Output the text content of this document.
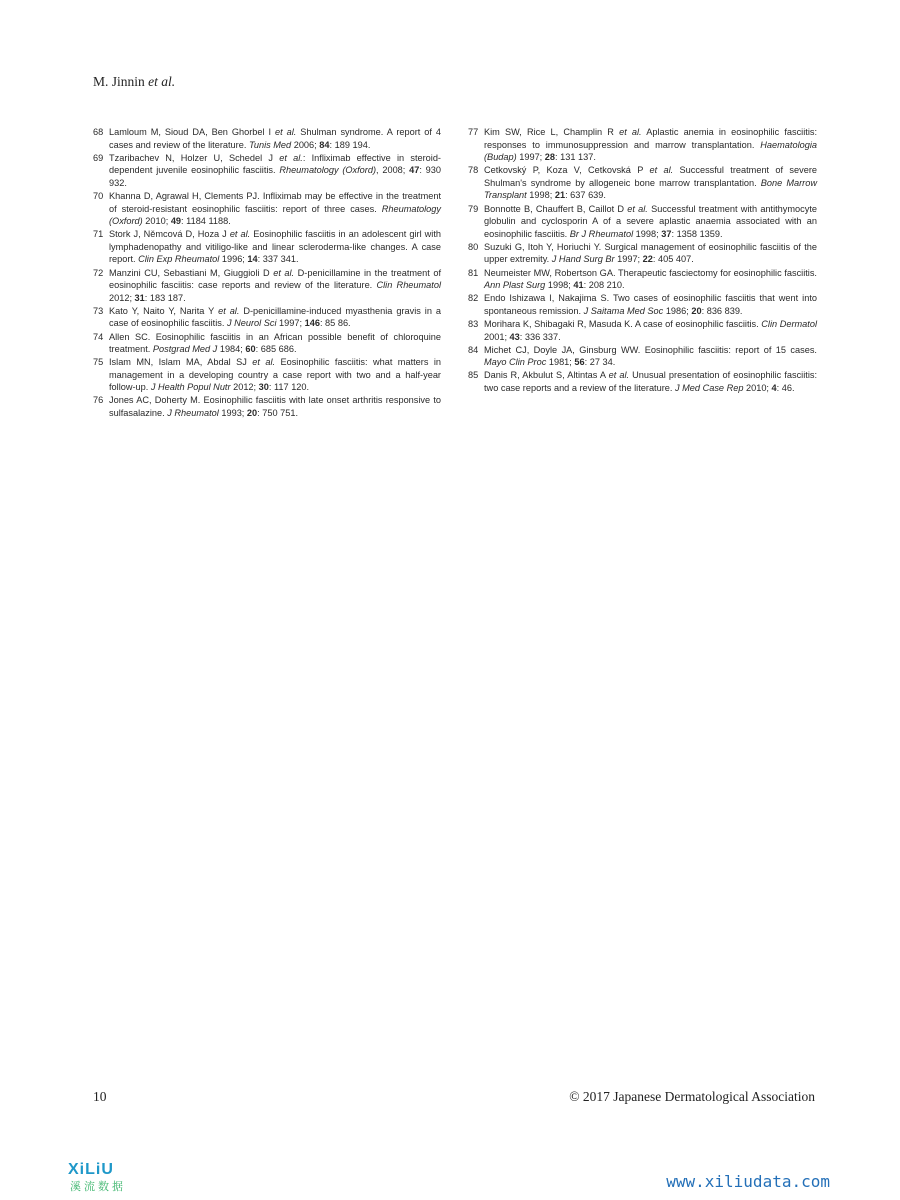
M. Jinnin et al.

68 Lamloum M, Sioud DA, Ben Ghorbel I et al. Shulman syndrome. A report of 4 cases and review of the literature. Tunis Med 2006; 84: 189 194.

69 Tzaribachev N, Holzer U, Schedel J et al.: Infliximab effective in steroid-dependent juvenile eosinophilic fasciitis. Rheumatology (Oxford), 2008; 47: 930 932.

70 Khanna D, Agrawal H, Clements PJ. Infliximab may be effective in the treatment of steroid-resistant eosinophilic fasciitis: report of three cases. Rheumatology (Oxford) 2010; 49: 1184 1188.

71 Stork J, Němcová D, Hoza J et al. Eosinophilic fasciitis in an adolescent girl with lymphadenopathy and vitiligo-like and linear scleroderma-like changes. A case report. Clin Exp Rheumatol 1996; 14: 337 341.

72 Manzini CU, Sebastiani M, Giuggioli D et al. D-penicillamine in the treatment of eosinophilic fasciitis: case reports and review of the literature. Clin Rheumatol 2012; 31: 183 187.

73 Kato Y, Naito Y, Narita Y et al. D-penicillamine-induced myasthenia gravis in a case of eosinophilic fasciitis. J Neurol Sci 1997; 146: 85 86.

74 Allen SC. Eosinophilic fasciitis in an African possible benefit of chloroquine treatment. Postgrad Med J 1984; 60: 685 686.

75 Islam MN, Islam MA, Abdal SJ et al. Eosinophilic fasciitis: what matters in management in a developing country a case report with two and a half-year follow-up. J Health Popul Nutr 2012; 30: 117 120.

76 Jones AC, Doherty M. Eosinophilic fasciitis with late onset arthritis responsive to sulfasalazine. J Rheumatol 1993; 20: 750 751.

77 Kim SW, Rice L, Champlin R et al. Aplastic anemia in eosinophilic fasciitis: responses to immunosuppression and marrow transplantation. Haematologia (Budap) 1997; 28: 131 137.

78 Cetkovský P, Koza V, Cetkovská P et al. Successful treatment of severe Shulman's syndrome by allogeneic bone marrow transplantation. Bone Marrow Transplant 1998; 21: 637 639.

79 Bonnotte B, Chauffert B, Caillot D et al. Successful treatment with antithymocyte globulin and cyclosporin A of a severe aplastic anaemia associated with an eosinophilic fasciitis. Br J Rheumatol 1998; 37: 1358 1359.

80 Suzuki G, Itoh Y, Horiuchi Y. Surgical management of eosinophilic fasciitis of the upper extremity. J Hand Surg Br 1997; 22: 405 407.

81 Neumeister MW, Robertson GA. Therapeutic fasciectomy for eosinophilic fasciitis. Ann Plast Surg 1998; 41: 208 210.

82 Endo Ishizawa I, Nakajima S. Two cases of eosinophilic fasciitis that went into spontaneous remission. J Saitama Med Soc 1986; 20: 836 839.

83 Morihara K, Shibagaki R, Masuda K. A case of eosinophilic fasciitis. Clin Dermatol 2001; 43: 336 337.

84 Michet CJ, Doyle JA, Ginsburg WW. Eosinophilic fasciitis: report of 15 cases. Mayo Clin Proc 1981; 56: 27 34.

85 Danis R, Akbulut S, Altintas A et al. Unusual presentation of eosinophilic fasciitis: two case reports and a review of the literature. J Med Case Rep 2010; 4: 46.

10	© 2017 Japanese Dermatological Association
XiLiU
溪流数据	www.xiliudata.com
